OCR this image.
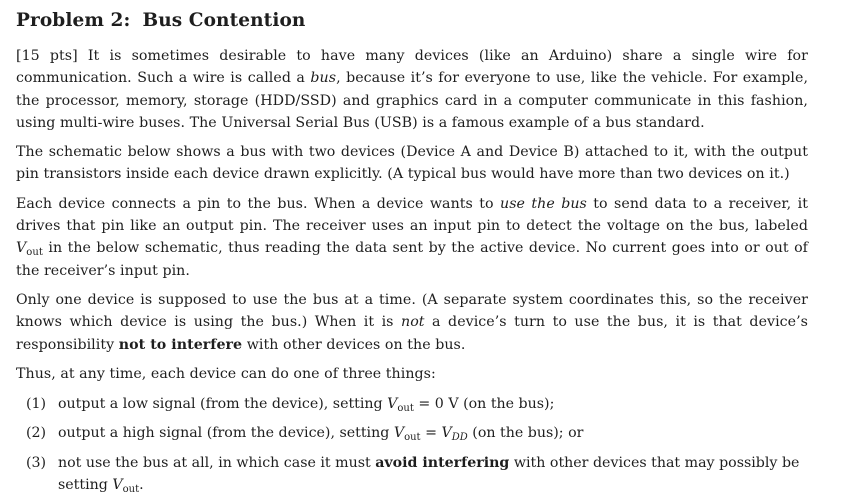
Problem 2: Bus Contention

[15 pts] It is sometimes desirable to have many devices (like an Arduino) share a single wire for communication. Such a wire is called a bus, because it’s for everyone to use, like the vehicle. For example, the processor, memory, storage (HDD/SSD) and graphics card in a computer communicate in this fashion, using multi-wire buses. The Universal Serial Bus (USB) is a famous example of a bus standard.

The schematic below shows a bus with two devices (Device A and Device B) attached to it, with the output pin transistors inside each device drawn explicitly. (A typical bus would have more than two devices on it.)

Each device connects a pin to the bus. When a device wants to use the bus to send data to a receiver, it drives that pin like an output pin. The receiver uses an input pin to detect the voltage on the bus, labeled $V_{out}$ in the below schematic, thus reading the data sent by the active device. No current goes into or out of the receiver’s input pin.

Only one device is supposed to use the bus at a time. (A separate system coordinates this, so the receiver knows which device is using the bus.) When it is not a device’s turn to use the bus, it is that device’s responsibility not to interfere with other devices on the bus.

Thus, at any time, each device can do one of three things:

(1) output a low signal (from the device), setting $V_{out} = 0$ V (on the bus);
(2) output a high signal (from the device), setting $V_{out} = V_{DD}$ (on the bus); or
(3) not use the bus at all, in which case it must avoid interfering with other devices that may possibly be setting $V_{out}$.
